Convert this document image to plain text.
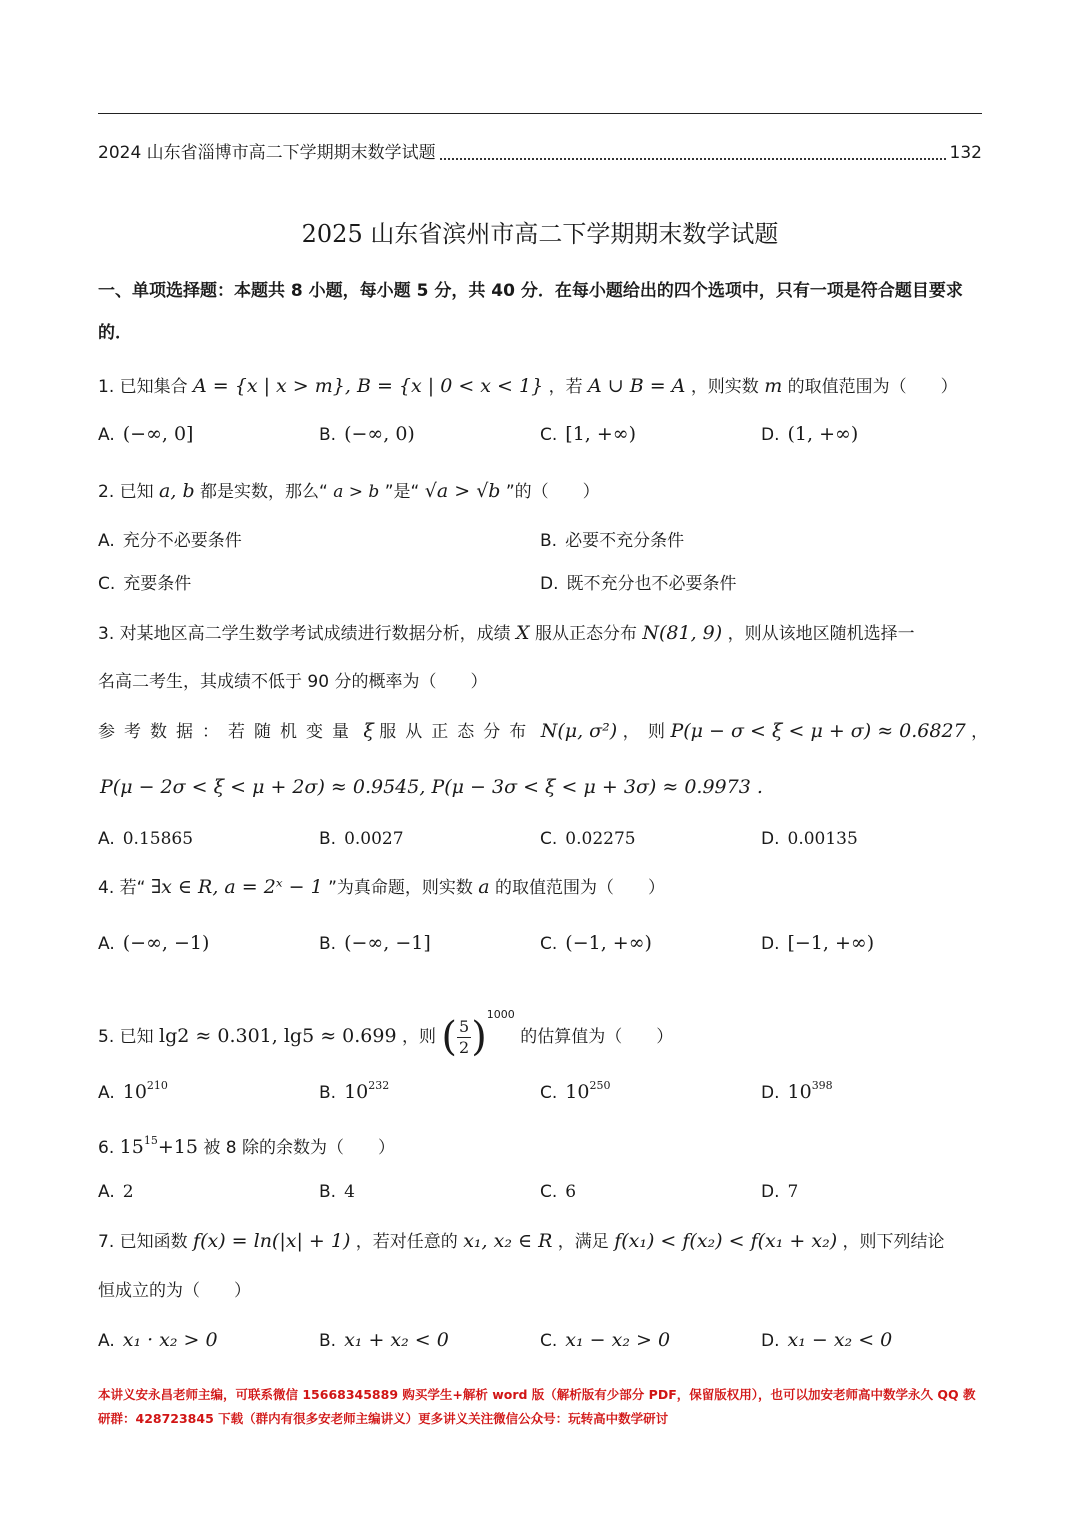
2024 山东省淄博市高二下学期期末数学试题	132
2025 山东省滨州市高二下学期期末数学试题
一、单项选择题：本题共 8 小题，每小题 5 分，共 40 分．在每小题给出的四个选项中，只有一项是符合题目要求的．
1. 已知集合 A = {x | x > m}, B = {x | 0 < x < 1} ，若 A ∪ B = A ，则实数 m 的取值范围为（　　）
A. (−∞, 0]	B. (−∞, 0)	C. [1, +∞)	D. (1, +∞)
2. 已知 a, b 都是实数，那么“ a > b ”是“ √a > √b ”的（　　）
A. 充分不必要条件	B. 必要不充分条件
C. 充要条件	D. 既不充分也不必要条件
3. 对某地区高二学生数学考试成绩进行数据分析，成绩 X 服从正态分布 N(81, 9) ，则从该地区随机选择一
名高二考生，其成绩不低于 90 分的概率为（　　）
参考数据：若随机变量 ξ 服从正态分布 N(μ, σ²) ，　则 P(μ − σ < ξ < μ + σ) ≈ 0.6827 ，
P(μ − 2σ < ξ < μ + 2σ) ≈ 0.9545, P(μ − 3σ < ξ < μ + 3σ) ≈ 0.9973 .
A. 0.15865	B. 0.0027	C. 0.02275	D. 0.00135
4. 若“ ∃x ∈ R, a = 2ˣ − 1 ”为真命题，则实数 a 的取值范围为（　　）
A. (−∞, −1)	B. (−∞, −1]	C. (−1, +∞)	D. [−1, +∞)
5. 已知 lg2 ≈ 0.301, lg5 ≈ 0.699 ，则 ( $\frac{5}{2} )^{1000}$ 的估算值为（　　）
A. $10^{210}$	B. $10^{232}$	C. $10^{250}$	D. $10^{398}$
6. $15^{15}+15$ 被 8 除的余数为（　　）
A. 2	B. 4	C. 6	D. 7
7. 已知函数 f(x) = ln(|x| + 1) ，若对任意的 x₁, x₂ ∈ R ，满足 f(x₁) < f(x₂) < f(x₁ + x₂) ，则下列结论
恒成立的为（　　）
A. x₁ · x₂ > 0	B. x₁ + x₂ < 0	C. x₁ − x₂ > 0	D. x₁ − x₂ < 0
本讲义安永昌老师主编，可联系微信 15668345889 购买学生+解析 word 版（解析版有少部分 PDF，保留版权用），也可以加安老师高中数学永久 QQ 教研群：428723845 下载（群内有很多安老师主编讲义）更多讲义关注微信公众号：玩转高中数学研讨
